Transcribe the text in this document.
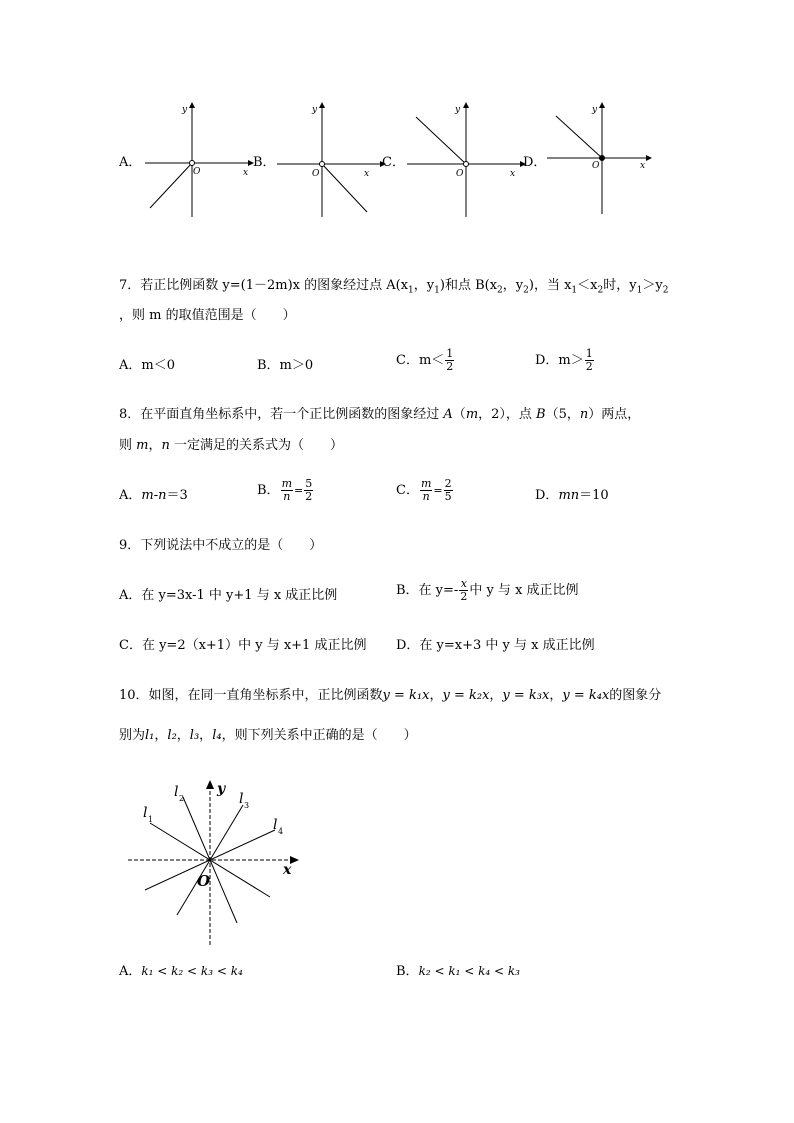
A．
y
x
O
B．
y
x
O
C．
y
x
O
D．
y
x
O
7．若正比例函数 y=(1－2m)x 的图象经过点 $A(x_1$，$y_1$)和点 $B(x_2$，$y_2$)，当 $x_1<x_2$时，$y_1>y_2$
，则 m 的取值范围是（　　）
A．m＜0	B．m＞0	C．$m< \frac{1}{2}$	D．$m> \frac{1}{2}$
8．在平面直角坐标系中，若一个正比例函数的图象经过 A（m，2），点 B（5，n）两点，
则 m，n 一定满足的关系式为（　　）
A．m-n＝3	B． $\frac{m}{n} = \frac{5}{2}$	C． $\frac{m}{n} = \frac{2}{5}$	D．mn＝10
9．下列说法中不成立的是（　　）
A．在 y=3x-1 中 y+1 与 x 成正比例	B．在 $y=- \frac{x}{2}$ 中 y 与 x 成正比例
C．在 y=2（x+1）中 y 与 x+1 成正比例 D．在 y=x+3 中 y 与 x 成正比例
10．如图，在同一直角坐标系中，正比例函数y = k₁x，y = k₂x，y = k₃x，y = k₄x的图象分
别为l₁，l₂，l₃，l₄，则下列关系中正确的是（　　）
y
x
O
l 1
l 2	l 3
l 4
A．k₁ < k₂ < k₃ < k₄	B．k₂ < k₁ < k₄ < k₃
